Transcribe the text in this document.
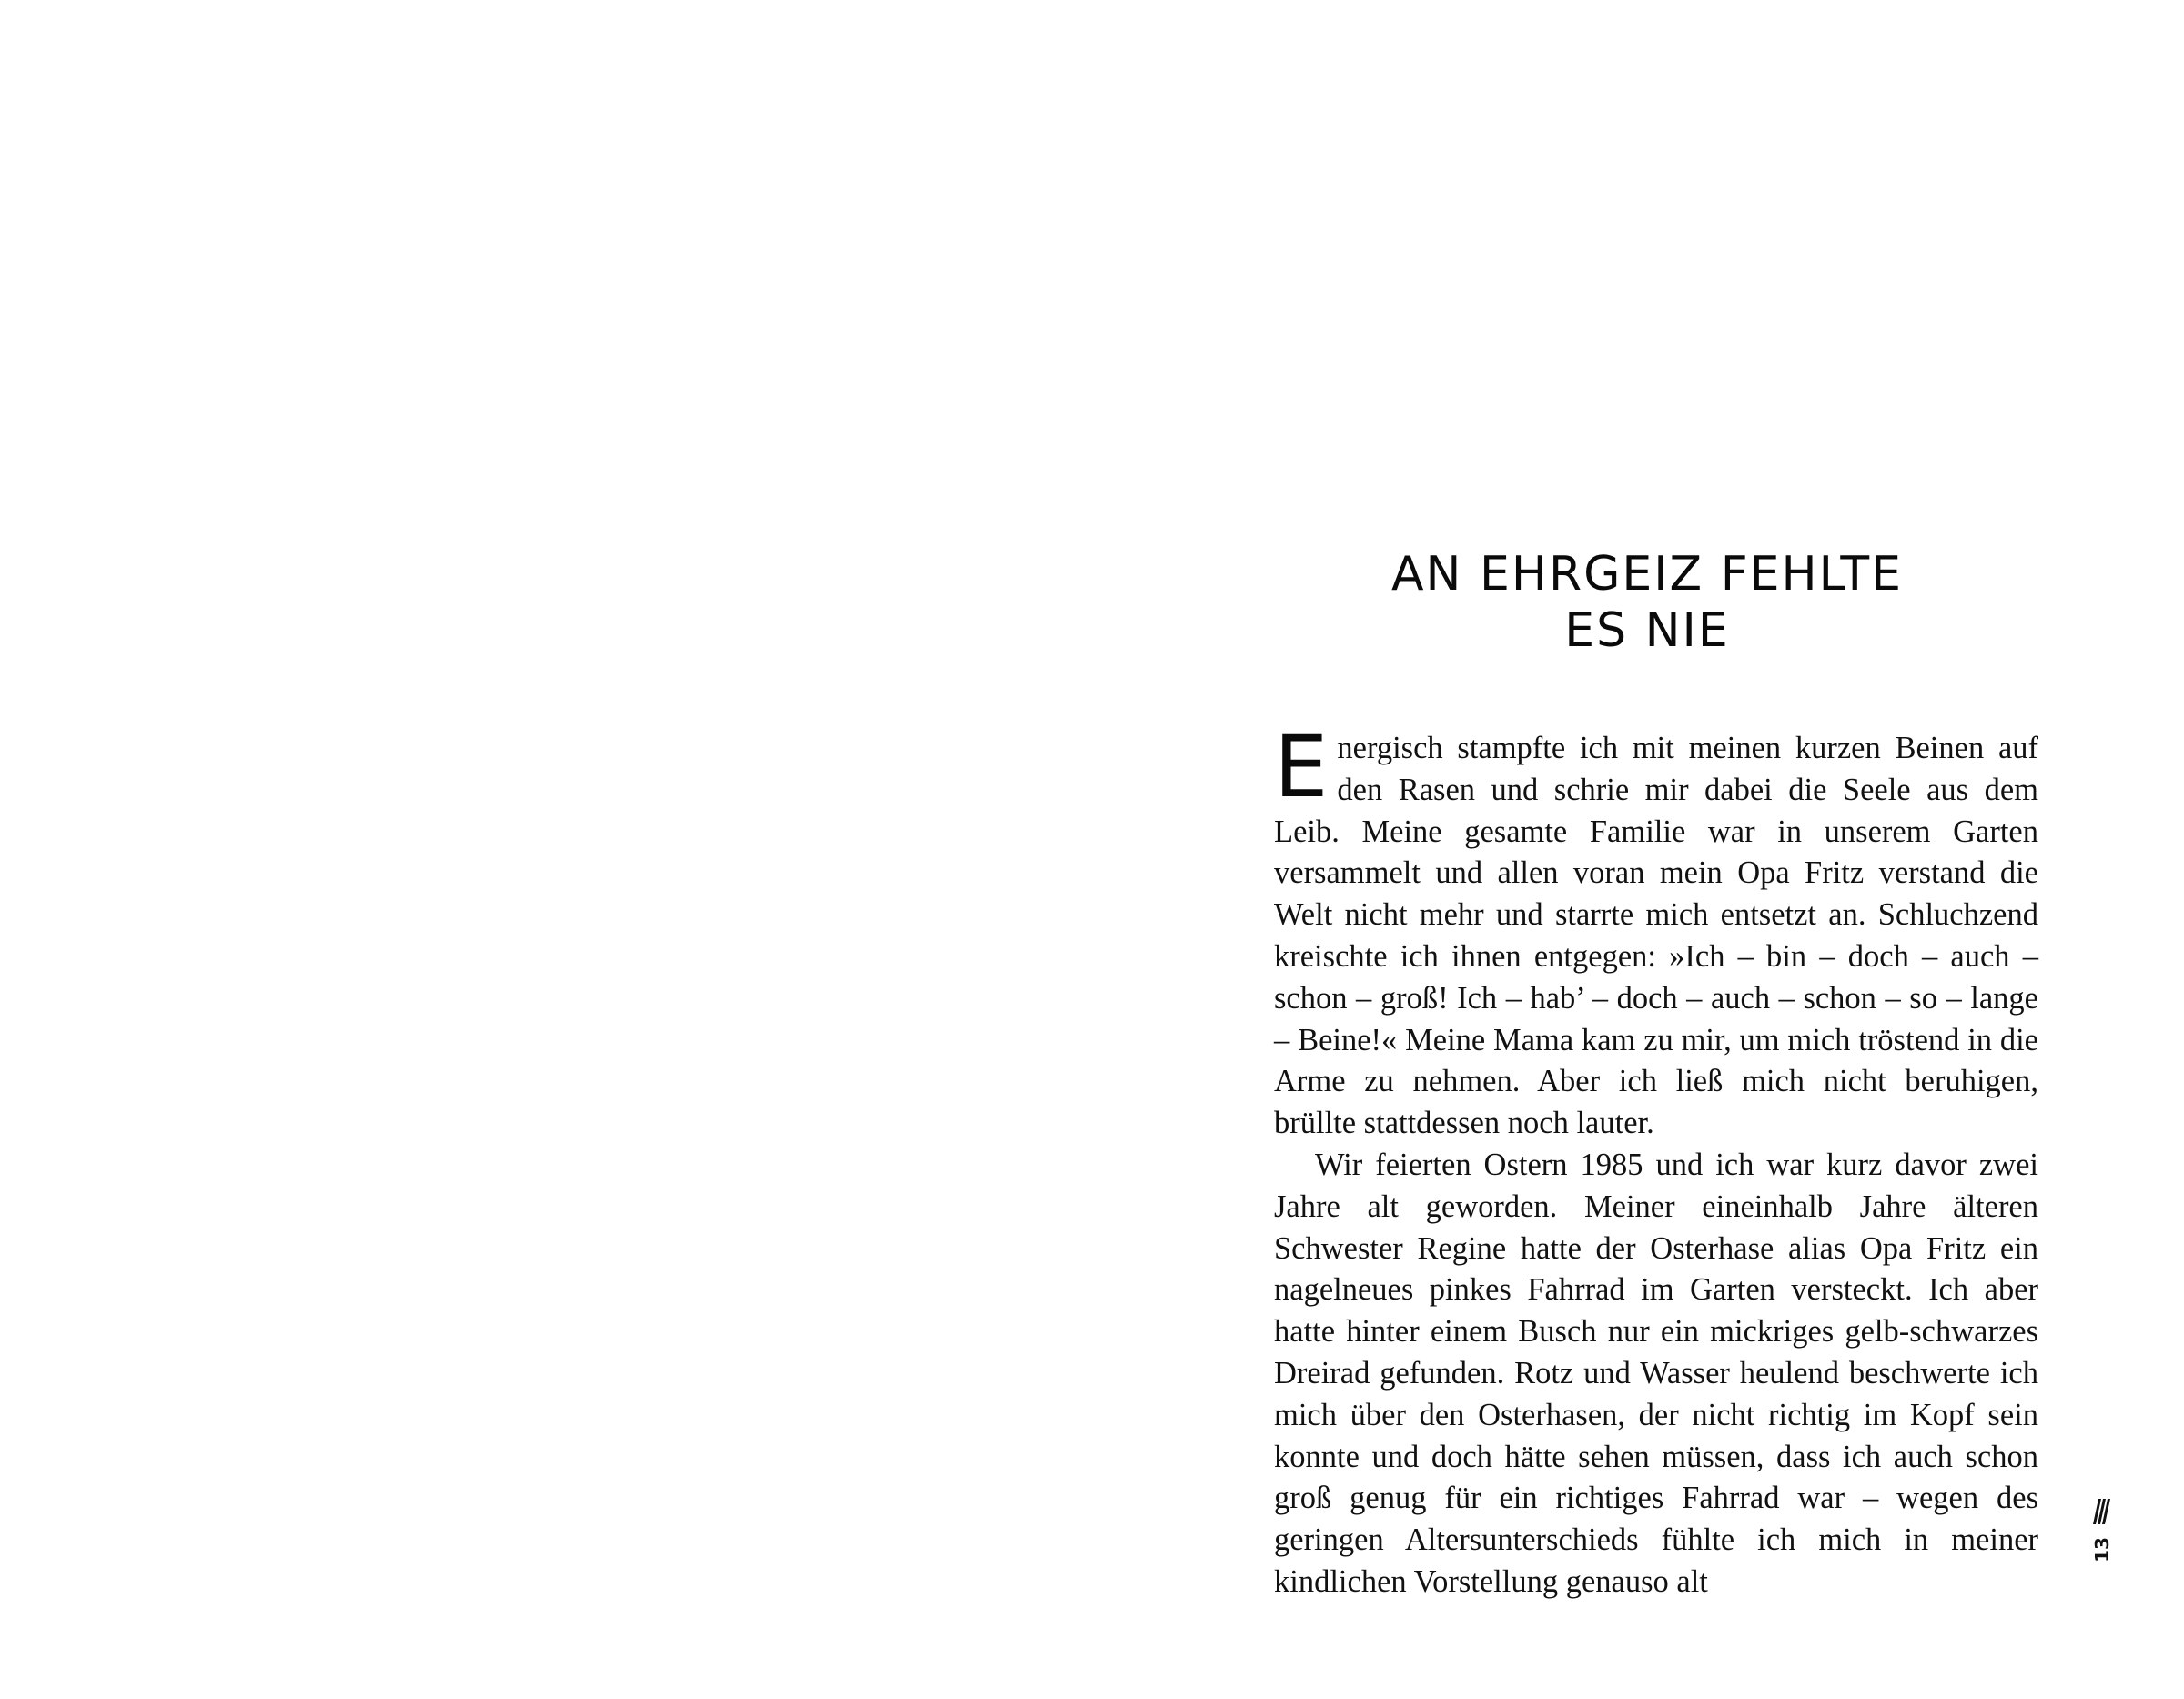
AN EHRGEIZ FEHLTE
ES NIE

Energisch stampfte ich mit meinen kurzen Beinen auf den Rasen und schrie mir dabei die Seele aus dem Leib. Meine gesamte Familie war in unserem Garten versammelt und allen voran mein Opa Fritz verstand die Welt nicht mehr und starrte mich entsetzt an. Schluchzend kreischte ich ihnen entgegen: »Ich – bin – doch – auch – schon – groß! Ich – hab’ – doch – auch – schon – so – lange – Beine!« Meine Mama kam zu mir, um mich tröstend in die Arme zu nehmen. Aber ich ließ mich nicht beruhigen, brüllte stattdessen noch lauter.

Wir feierten Ostern 1985 und ich war kurz davor zwei Jahre alt geworden. Meiner eineinhalb Jahre älteren Schwester Regine hatte der Osterhase alias Opa Fritz ein nagelneues pinkes Fahrrad im Garten versteckt. Ich aber hatte hinter einem Busch nur ein mickriges gelb-schwarzes Dreirad gefunden. Rotz und Wasser heulend beschwerte ich mich über den Osterhasen, der nicht richtig im Kopf sein konnte und doch hätte sehen müssen, dass ich auch schon groß genug für ein richtiges Fahrrad war – wegen des geringen Altersunterschieds fühlte ich mich in meiner kindlichen Vorstellung genauso alt

13
